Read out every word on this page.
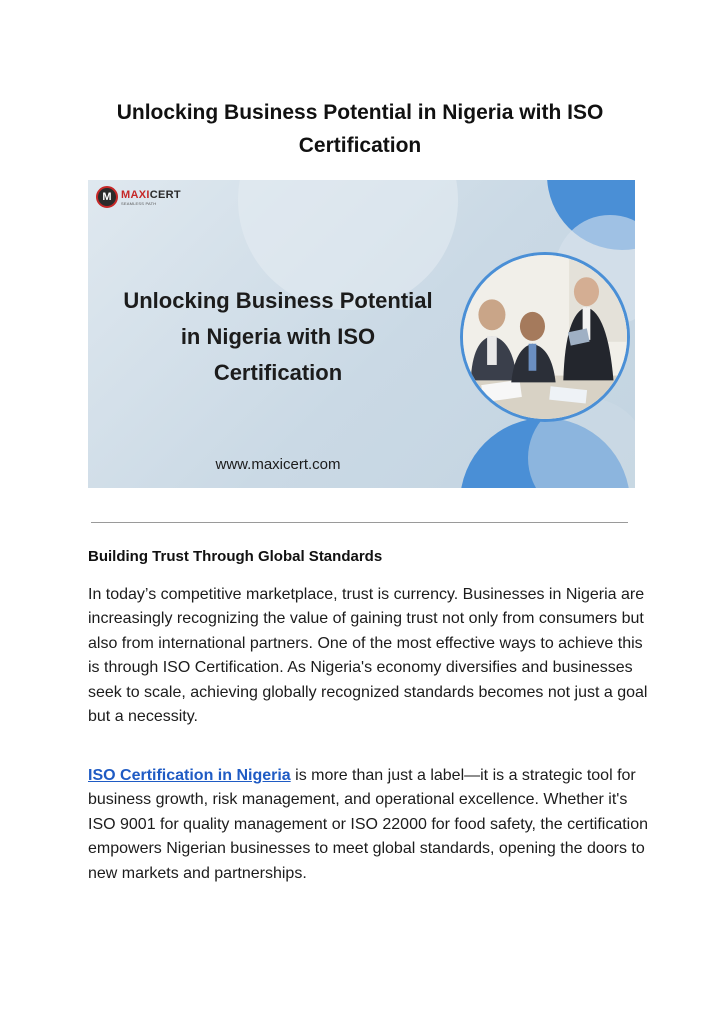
Unlocking Business Potential in Nigeria with ISO Certification
M MAXICERT
SEAMLESS PATH
Unlocking Business Potential
in Nigeria with ISO
Certification
www.maxicert.com
Building Trust Through Global Standards

In today’s competitive marketplace, trust is currency. Businesses in Nigeria are increasingly recognizing the value of gaining trust not only from consumers but also from international partners. One of the most effective ways to achieve this is through ISO Certification. As Nigeria's economy diversifies and businesses seek to scale, achieving globally recognized standards becomes not just a goal but a necessity.

ISO Certification in Nigeria is more than just a label—it is a strategic tool for business growth, risk management, and operational excellence. Whether it's ISO 9001 for quality management or ISO 22000 for food safety, the certification empowers Nigerian businesses to meet global standards, opening the doors to new markets and partnerships.
